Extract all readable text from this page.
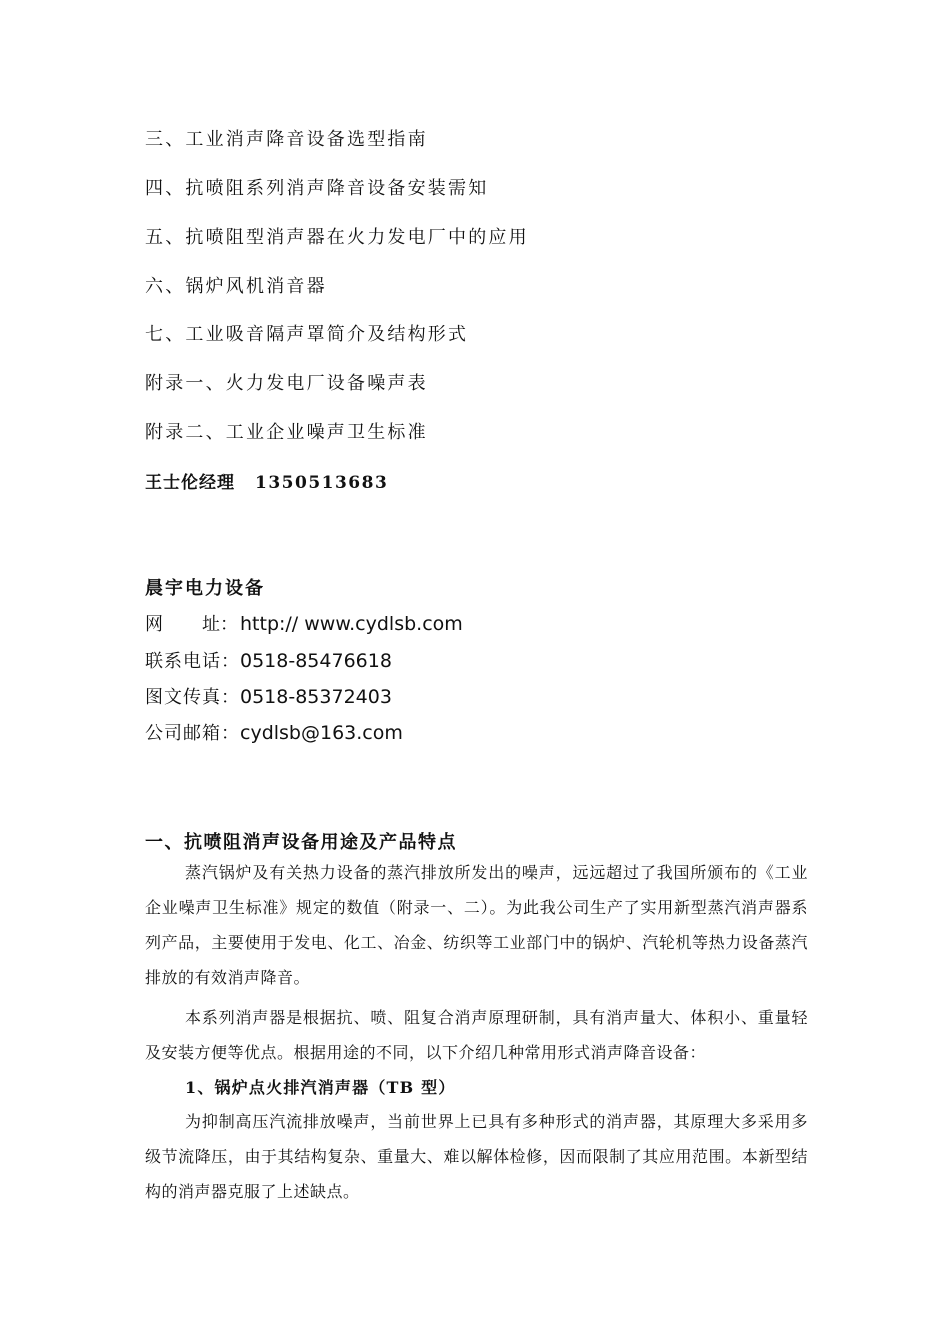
三、工业消声降音设备选型指南
四、抗喷阻系列消声降音设备安装需知
五、抗喷阻型消声器在火力发电厂中的应用
六、锅炉风机消音器
七、工业吸音隔声罩简介及结构形式
附录一、火力发电厂设备噪声表
附录二、工业企业噪声卫生标准
王士伦经理 1350513683
晨宇电力设备
网 址： http:// www.cydlsb.com
联系电话：0518-85476618
图文传真：0518-85372403
公司邮箱：cydlsb@163.com
一、抗喷阻消声设备用途及产品特点
蒸汽锅炉及有关热力设备的蒸汽排放所发出的噪声，远远超过了我国所颁布的《工业企业噪声卫生标准》规定的数值（附录一、二）。为此我公司生产了实用新型蒸汽消声器系列产品，主要使用于发电、化工、冶金、纺织等工业部门中的锅炉、汽轮机等热力设备蒸汽排放的有效消声降音。
本系列消声器是根据抗、喷、阻复合消声原理研制，具有消声量大、体积小、重量轻及安装方便等优点。根据用途的不同，以下介绍几种常用形式消声降音设备：
1、锅炉点火排汽消声器（TB 型）
为抑制高压汽流排放噪声，当前世界上已具有多种形式的消声器，其原理大多采用多级节流降压，由于其结构复杂、重量大、难以解体检修，因而限制了其应用范围。本新型结构的消声器克服了上述缺点。
